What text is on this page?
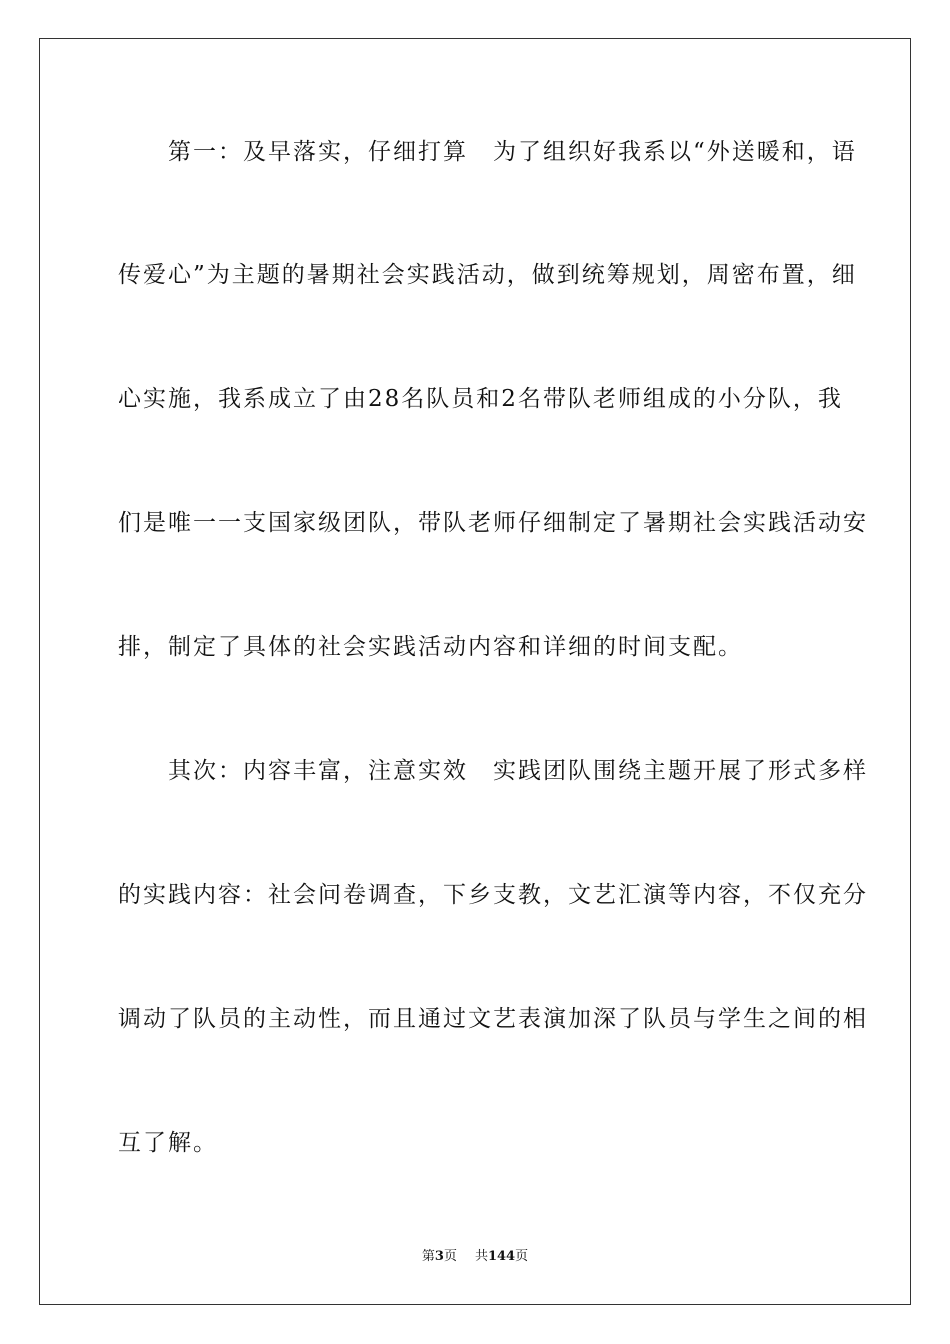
　　第一：及早落实，仔细打算　为了组织好我系以“外送暖和，语
传爱心”为主题的暑期社会实践活动，做到统筹规划，周密布置，细
心实施，我系成立了由28名队员和2名带队老师组成的小分队，我
们是唯一一支国家级团队，带队老师仔细制定了暑期社会实践活动安
排，制定了具体的社会实践活动内容和详细的时间支配。
　　其次：内容丰富，注意实效　实践团队围绕主题开展了形式多样
的实践内容：社会问卷调查，下乡支教，文艺汇演等内容，不仅充分
调动了队员的主动性，而且通过文艺表演加深了队员与学生之间的相
互了解。
第3页 共144页
